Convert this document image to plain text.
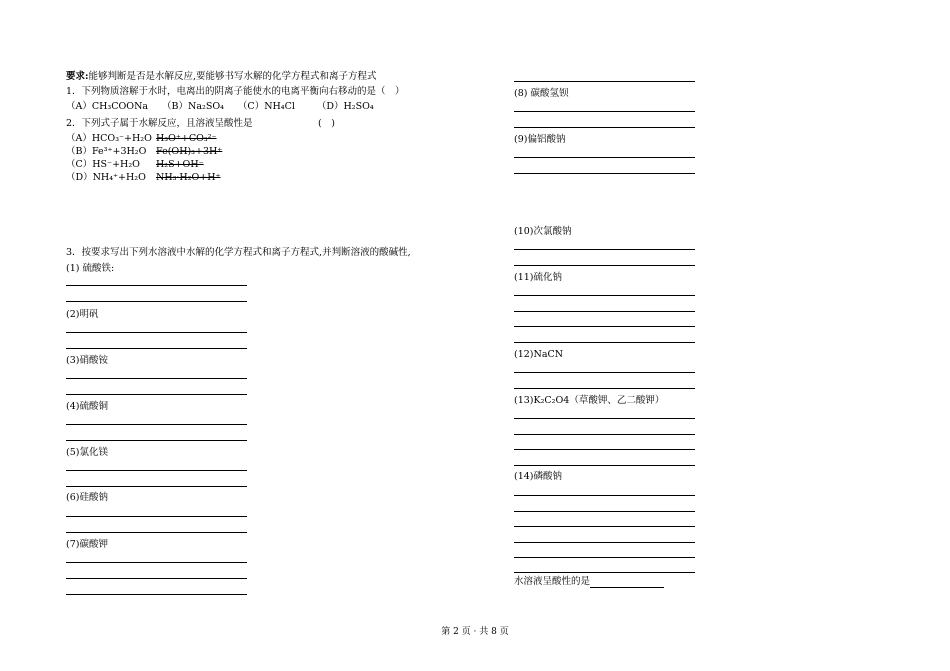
要求:能够判断是否是水解反应,要能够书写水解的化学方程式和离子方程式
1．下列物质溶解于水时，电离出的阴离子能使水的电离平衡向右移动的是（　）
（A）CH₃COONa （B）Na₂SO₄ （C）NH₄Cl （D）H₂SO₄
2．下列式子属于水解反应，且溶液呈酸性是	(　)
（A）HCO₃⁻+H₂O H₃O⁺+CO₃²⁻
（B）Fe³⁺+3H₂O Fe(OH)₃+3H⁺
（C）HS⁻+H₂O H₂S+OH⁻
（D）NH₄⁺+H₂O NH₃·H₂O+H⁺
3．按要求写出下列水溶液中水解的化学方程式和离子方程式,并判断溶液的酸碱性,
(1) 硫酸铁:
(2)明矾
(3)硝酸铵
(4)硫酸铜
(5)氯化镁
(6)硅酸钠
(7)碳酸钾
(8) 碳酸氢钡
(9)偏铝酸钠
(10)次氯酸钠
(11)硫化钠
(12)NaCN
(13)K₂C₂O4（草酸钾、乙二酸钾）
(14)磷酸钠
水溶液呈酸性的是
第 2 页 · 共 8 页
